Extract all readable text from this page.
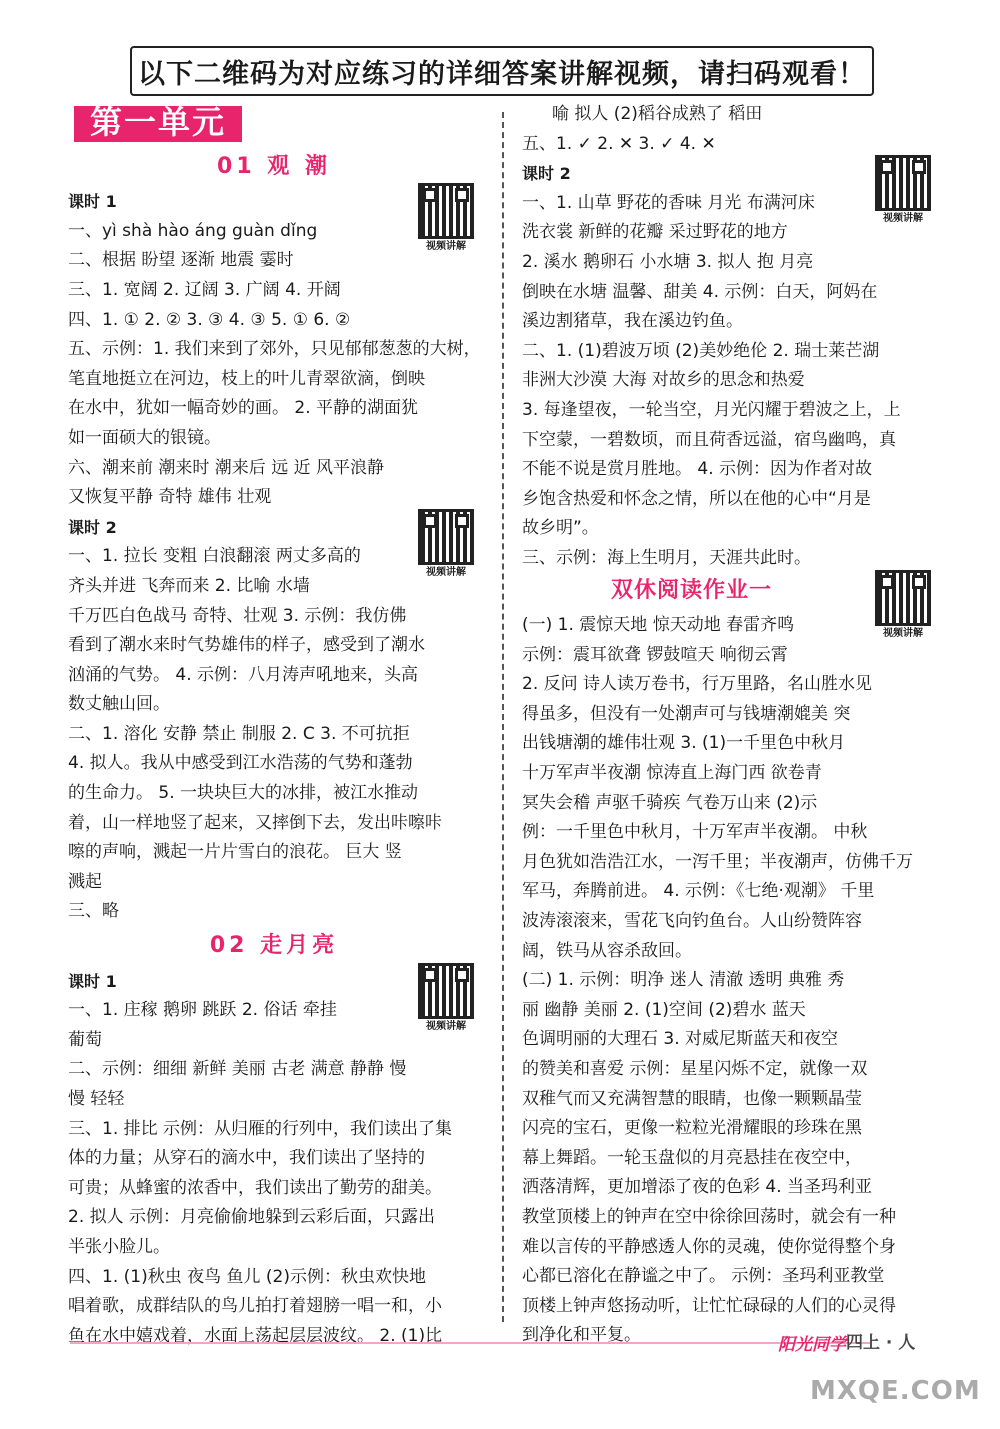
以下二维码为对应练习的详细答案讲解视频，请扫码观看！
第一单元
01 观 潮
视频讲解
课时 1
一、yì shà hào áng guàn dǐng
二、根据 盼望 逐渐 地震 霎时
三、1. 宽阔 2. 辽阔 3. 广阔 4. 开阔
四、1. ① 2. ② 3. ③ 4. ③ 5. ① 6. ②
五、示例：1. 我们来到了郊外，只见郁郁葱葱的大树，
笔直地挺立在河边，枝上的叶儿青翠欲滴，倒映
在水中，犹如一幅奇妙的画。 2. 平静的湖面犹
如一面硕大的银镜。
六、潮来前 潮来时 潮来后 远 近 风平浪静
又恢复平静 奇特 雄伟 壮观
视频讲解
课时 2
一、1. 拉长 变粗 白浪翻滚 两丈多高的
齐头并进 飞奔而来 2. 比喻 水墙
千万匹白色战马 奇特、壮观 3. 示例：我仿佛
看到了潮水来时气势雄伟的样子，感受到了潮水
汹涌的气势。 4. 示例：八月涛声吼地来，头高
数丈触山回。
二、1. 溶化 安静 禁止 制服 2. C 3. 不可抗拒
4. 拟人。我从中感受到江水浩荡的气势和蓬勃
的生命力。 5. 一块块巨大的冰排，被江水推动
着，山一样地竖了起来，又摔倒下去，发出咔嚓咔
嚓的声响，溅起一片片雪白的浪花。 巨大 竖
溅起
三、略
02 走月亮
视频讲解
课时 1
一、1. 庄稼 鹅卵 跳跃 2. 俗话 牵挂
葡萄
二、示例：细细 新鲜 美丽 古老 满意 静静 慢
慢 轻轻
三、1. 排比 示例：从归雁的行列中，我们读出了集
体的力量；从穿石的滴水中，我们读出了坚持的
可贵；从蜂蜜的浓香中，我们读出了勤劳的甜美。
2. 拟人 示例：月亮偷偷地躲到云彩后面，只露出
半张小脸儿。
四、1. (1)秋虫 夜鸟 鱼儿 (2)示例：秋虫欢快地
唱着歌，成群结队的鸟儿拍打着翅膀一唱一和，小
鱼在水中嬉戏着，水面上荡起层层波纹。 2. (1)比
喻 拟人 (2)稻谷成熟了 稻田
五、1. ✓ 2. ✕ 3. ✓ 4. ✕
视频讲解
课时 2
一、1. 山草 野花的香味 月光 布满河床
洗衣裳 新鲜的花瓣 采过野花的地方
2. 溪水 鹅卵石 小水塘 3. 拟人 抱 月亮
倒映在水塘 温馨、甜美 4. 示例：白天，阿妈在
溪边割猪草，我在溪边钓鱼。
二、1. (1)碧波万顷 (2)美妙绝伦 2. 瑞士莱芒湖
非洲大沙漠 大海 对故乡的思念和热爱
3. 每逢望夜，一轮当空，月光闪耀于碧波之上，上
下空蒙，一碧数顷，而且荷香远溢，宿鸟幽鸣，真
不能不说是赏月胜地。 4. 示例：因为作者对故
乡饱含热爱和怀念之情，所以在他的心中“月是
故乡明”。
三、示例：海上生明月，天涯共此时。
视频讲解
双休阅读作业一
(一) 1. 震惊天地 惊天动地 春雷齐鸣
示例：震耳欲聋 锣鼓喧天 响彻云霄
2. 反问 诗人读万卷书，行万里路，名山胜水见
得虽多，但没有一处潮声可与钱塘潮媲美 突
出钱塘潮的雄伟壮观 3. (1)一千里色中秋月
十万军声半夜潮 惊涛直上海门西 欲卷青
冥失会稽 声驱千骑疾 气卷万山来 (2)示
例：一千里色中秋月，十万军声半夜潮。 中秋
月色犹如浩浩江水，一泻千里；半夜潮声，仿佛千万
军马，奔腾前进。 4. 示例：《七绝·观潮》 千里
波涛滚滚来，雪花飞向钓鱼台。人山纷赞阵容
阔，铁马从容杀敌回。
(二) 1. 示例：明净 迷人 清澈 透明 典雅 秀
丽 幽静 美丽 2. (1)空间 (2)碧水 蓝天
色调明丽的大理石 3. 对威尼斯蓝天和夜空
的赞美和喜爱 示例：星星闪烁不定，就像一双
双稚气而又充满智慧的眼睛，也像一颗颗晶莹
闪亮的宝石，更像一粒粒光滑耀眼的珍珠在黑
幕上舞蹈。一轮玉盘似的月亮悬挂在夜空中，
洒落清辉，更加增添了夜的色彩 4. 当圣玛利亚
教堂顶楼上的钟声在空中徐徐回荡时，就会有一种
难以言传的平静感透人你的灵魂，使你觉得整个身
心都已溶化在静谧之中了。 示例：圣玛利亚教堂
顶楼上钟声悠扬动听，让忙忙碌碌的人们的心灵得
到净化和平复。	阳光同学 四上 · 人
MXQE.COM
